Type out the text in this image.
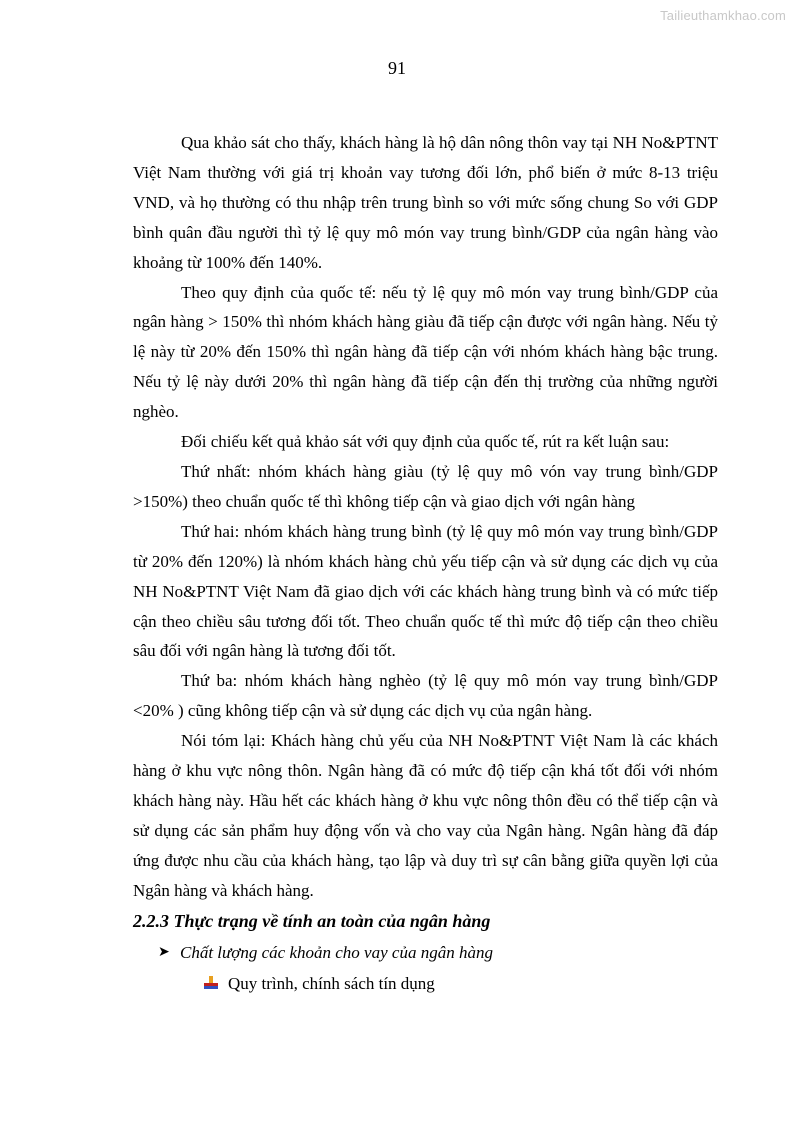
Tailieuthamkhao.com
91

Qua khảo sát cho thấy, khách hàng là hộ dân nông thôn vay tại NH No&PTNT Việt Nam thường với giá trị khoản vay tương đối lớn, phổ biến ở mức 8-13 triệu VND, và họ thường có thu nhập trên trung bình so với mức sống chung So với GDP bình quân đầu người thì tỷ lệ quy mô món vay trung bình/GDP của ngân hàng vào khoảng từ 100% đến 140%.

Theo quy định của quốc tế: nếu tỷ lệ quy mô món vay trung bình/GDP của ngân hàng > 150% thì nhóm khách hàng giàu đã tiếp cận được với ngân hàng. Nếu tỷ lệ này từ 20% đến 150% thì ngân hàng đã tiếp cận với nhóm khách hàng bậc trung. Nếu tỷ lệ này dưới 20% thì ngân hàng đã tiếp cận đến thị trường của những người nghèo.

Đối chiếu kết quả khảo sát với quy định của quốc tế, rút ra kết luận sau:

Thứ nhất: nhóm khách hàng giàu (tỷ lệ quy mô vón vay trung bình/GDP >150%) theo chuẩn quốc tế thì không tiếp cận và giao dịch với ngân hàng

Thứ hai: nhóm khách hàng trung bình (tỷ lệ quy mô món vay trung bình/GDP từ 20% đến 120%) là nhóm khách hàng chủ yếu tiếp cận và sử dụng các dịch vụ của NH No&PTNT Việt Nam đã giao dịch với các khách hàng trung bình và có mức tiếp cận theo chiều sâu tương đối tốt. Theo chuẩn quốc tế thì mức độ tiếp cận theo chiều sâu đối với ngân hàng là tương đối tốt.

Thứ ba: nhóm khách hàng nghèo (tỷ lệ quy mô món vay trung bình/GDP <20% ) cũng không tiếp cận và sử dụng các dịch vụ của ngân hàng.

Nói tóm lại: Khách hàng chủ yếu của NH No&PTNT Việt Nam là các khách hàng ở khu vực nông thôn. Ngân hàng đã có mức độ tiếp cận khá tốt đối với nhóm khách hàng này. Hầu hết các khách hàng ở khu vực nông thôn đều có thể tiếp cận và sử dụng các sản phẩm huy động vốn và cho vay của Ngân hàng. Ngân hàng đã đáp ứng được nhu cầu của khách hàng, tạo lập và duy trì sự cân bằng giữa quyền lợi của Ngân hàng và khách hàng.

2.2.3 Thực trạng về tính an toàn của ngân hàng
➤ Chất lượng các khoản cho vay của ngân hàng
Quy trình, chính sách tín dụng
